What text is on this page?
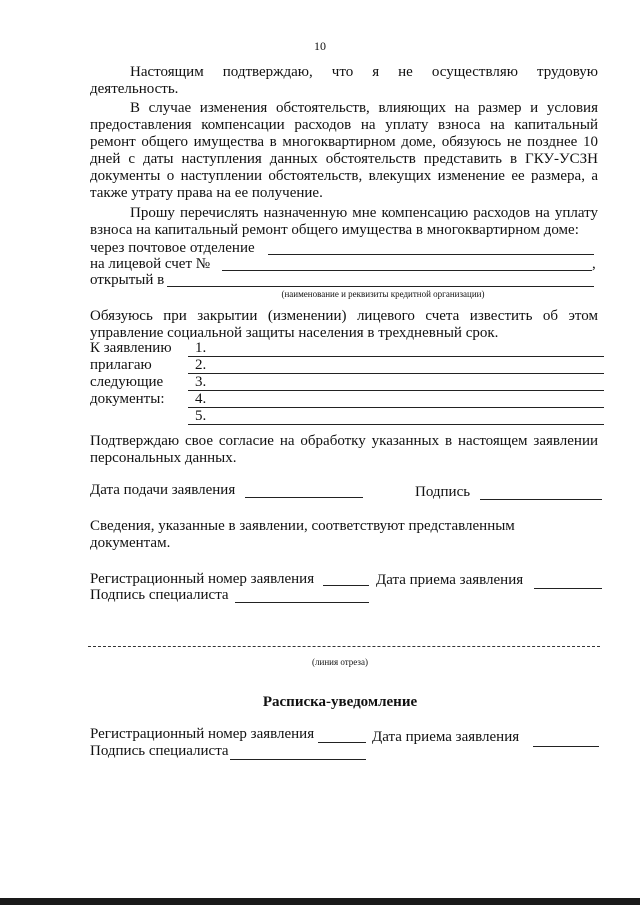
10
Настоящим подтверждаю, что я не осуществляю трудовую
деятельность.
В случае изменения обстоятельств, влияющих на размер и условия предоставления компенсации расходов на уплату взноса на капитальный ремонт общего имущества в многоквартирном доме, обязуюсь не позднее 10 дней с даты наступления данных обстоятельств представить в ГКУ-УСЗН документы о наступлении обстоятельств, влекущих изменение ее размера, а также утрату права на ее получение.
Прошу перечислять назначенную мне компенсацию расходов на уплату взноса на капитальный ремонт общего имущества в многоквартирном доме:
через почтовое отделение
на лицевой счет №	,
открытый в
(наименование и реквизиты кредитной организации)
Обязуюсь при закрытии (изменении) лицевого счета известить об этом управление социальной защиты населения в трехдневный срок.
К заявлению
прилагаю
следующие
документы:
1.
2.
3.
4.
5.
Подтверждаю свое согласие на обработку указанных в настоящем заявлении персональных данных.
Дата подачи заявления	Подпись
Сведения, указанные в заявлении, соответствуют представленным документам.
Регистрационный номер заявления	Дата приема заявления
Подпись специалиста
(линия отреза)
Расписка-уведомление
Регистрационный номер заявления	Дата приема заявления
Подпись специалиста
